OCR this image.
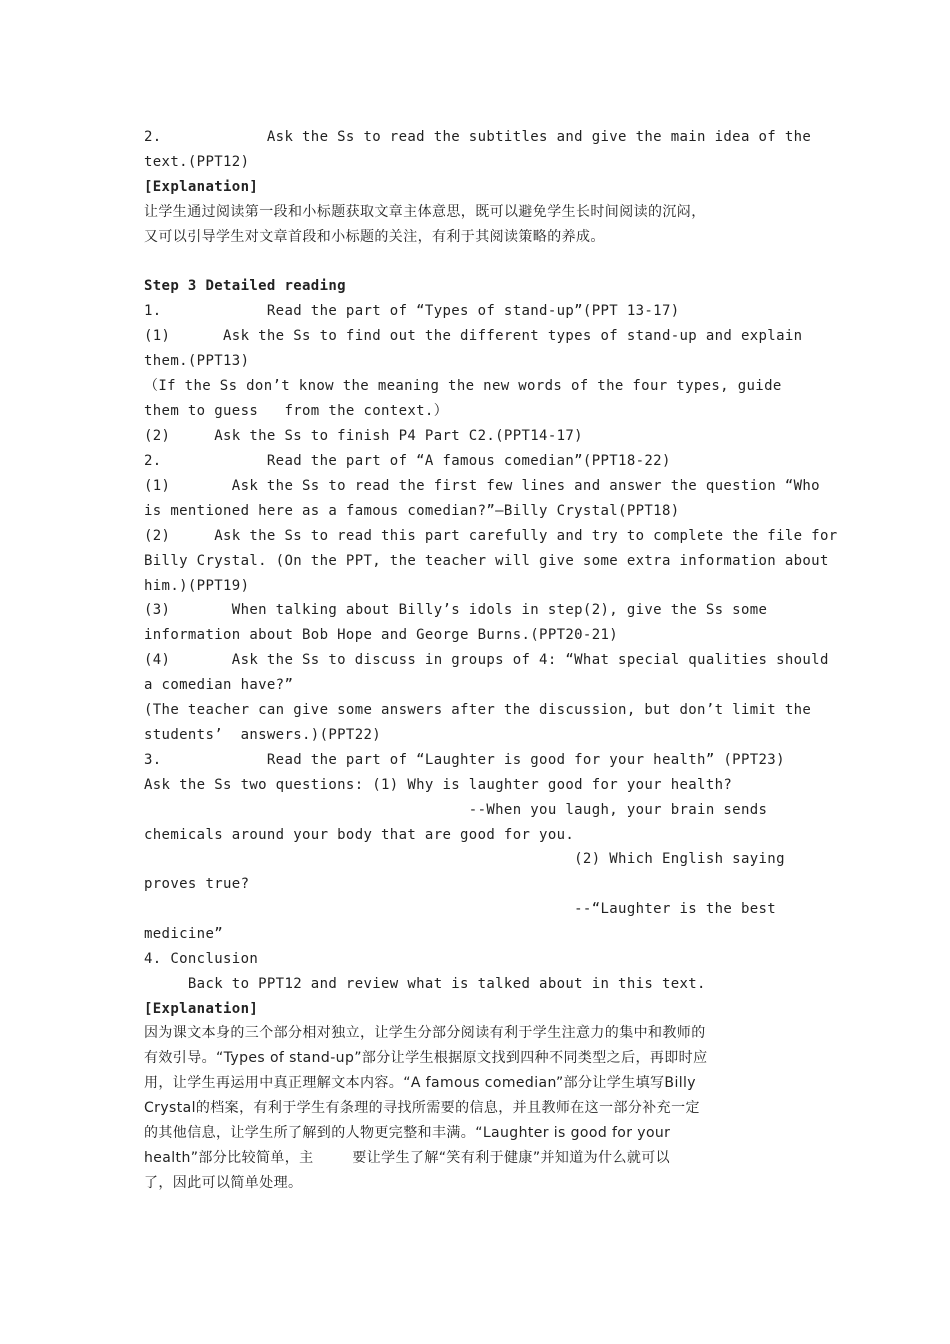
2.            Ask the Ss to read the subtitles and give the main idea of the
text.(PPT12)
[Explanation]
让学生通过阅读第一段和小标题获取文章主体意思，既可以避免学生长时间阅读的沉闷，
又可以引导学生对文章首段和小标题的关注，有利于其阅读策略的养成。
Step 3 Detailed reading
1.            Read the part of “Types of stand-up”(PPT 13-17)
(1)      Ask the Ss to find out the different types of stand-up and explain
them.(PPT13)
（If the Ss don’t know the meaning the new words of the four types, guide
them to guess   from the context.）
(2)     Ask the Ss to finish P4 Part C2.(PPT14-17)
2.            Read the part of “A famous comedian”(PPT18-22)
(1)       Ask the Ss to read the first few lines and answer the question “Who
is mentioned here as a famous comedian?”—Billy Crystal(PPT18)
(2)     Ask the Ss to read this part carefully and try to complete the file for
Billy Crystal. (On the PPT, the teacher will give some extra information about
him.)(PPT19)
(3)       When talking about Billy’s idols in step(2), give the Ss some
information about Bob Hope and George Burns.(PPT20-21)
(4)       Ask the Ss to discuss in groups of 4: “What special qualities should
a comedian have?”
(The teacher can give some answers after the discussion, but don’t limit the
students’  answers.)(PPT22)
3.            Read the part of “Laughter is good for your health” (PPT23)
Ask the Ss two questions: (1) Why is laughter good for your health?
--When you laugh, your brain sends
chemicals around your body that are good for you.
(2) Which English saying
proves true?
--“Laughter is the best
medicine”
4. Conclusion
Back to PPT12 and review what is talked about in this text.
[Explanation]
因为课文本身的三个部分相对独立，让学生分部分阅读有利于学生注意力的集中和教师的
有效引导。“Types of stand-up”部分让学生根据原文找到四种不同类型之后，再即时应
用，让学生再运用中真正理解文本内容。“A famous comedian”部分让学生填写Billy
Crystal的档案，有利于学生有条理的寻找所需要的信息，并且教师在这一部分补充一定
的其他信息，让学生所了解到的人物更完整和丰满。“Laughter is good for your
health”部分比较简单，主        要让学生了解“笑有利于健康”并知道为什么就可以
了，因此可以简单处理。
